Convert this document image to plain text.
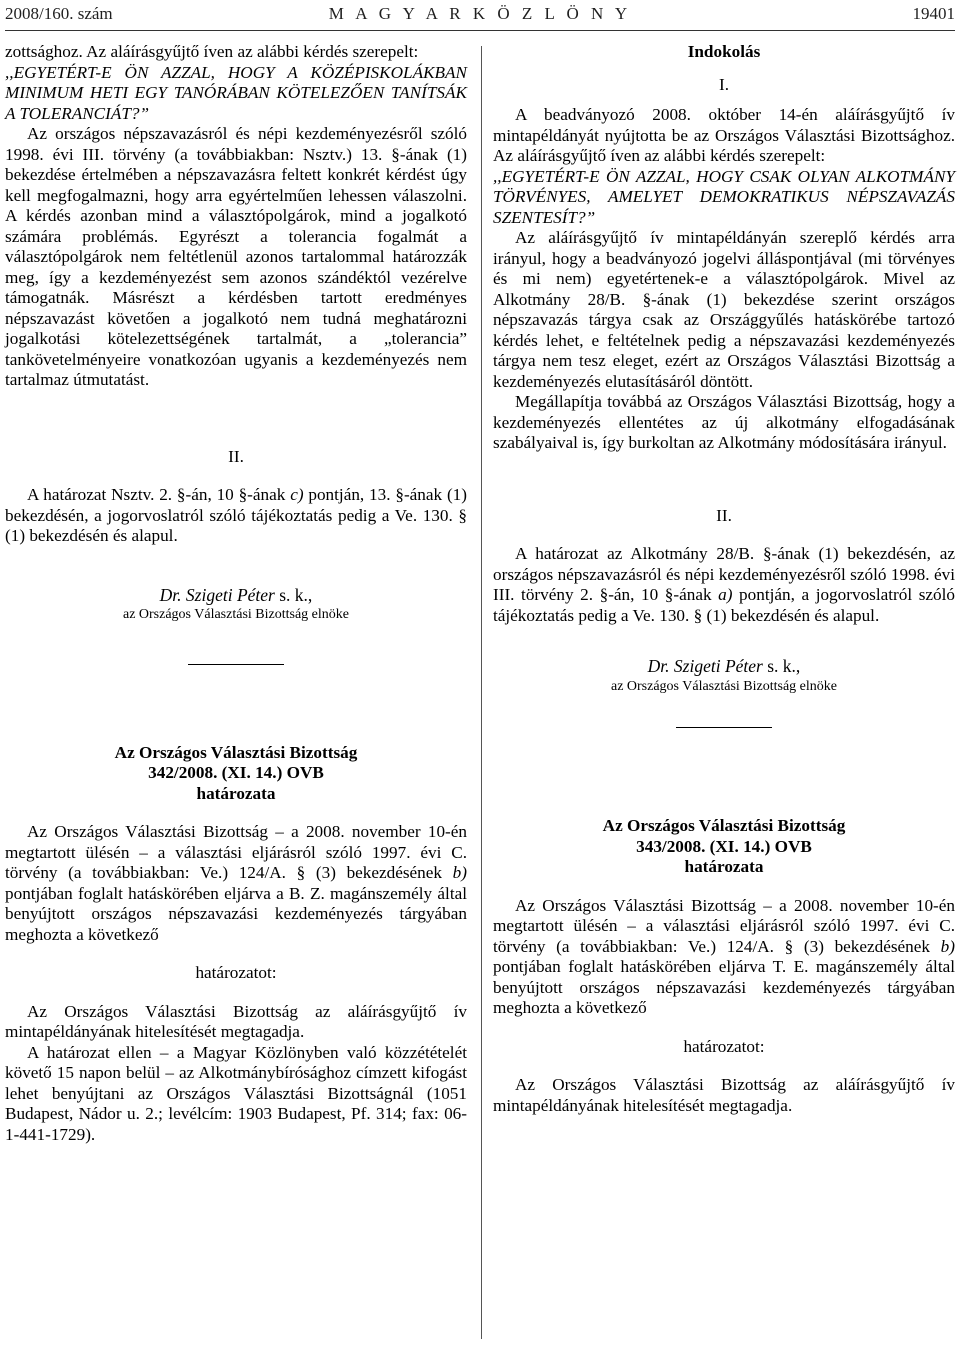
2008/160. szám	M A G Y A R K Ö Z L Ö N Y	19401

zottsághoz. Az aláírásgyűjtő íven az alábbi kérdés szerepelt:

,,EGYETÉRT-E ÖN AZZAL, HOGY A KÖZÉPISKOLÁKBAN MINIMUM HETI EGY TANÓRÁBAN KÖTELEZŐEN TANÍTSÁK A TOLERANCIÁT?”

Az országos népszavazásról és népi kezdeményezésről szóló 1998. évi III. törvény (a továbbiakban: Nsztv.) 13. §-ának (1) bekezdése értelmében a népszavazásra feltett konkrét kérdést úgy kell megfogalmazni, hogy arra egyértelműen lehessen válaszolni. A kérdés azonban mind a választópolgárok, mind a jogalkotó számára problémás. Egyrészt a tolerancia fogalmát a választópolgárok nem feltétlenül azonos tartalommal határozzák meg, így a kezdeményezést sem azonos szándéktól vezérelve támogatnák. Másrészt a kérdésben tartott eredményes népszavazást követően a jogalkotó nem tudná meghatározni jogalkotási kötelezettségének tartalmát, a „tolerancia” tankövetelményeire vonatkozóan ugyanis a kezdeményezés nem tartalmaz útmutatást.

II.

A határozat Nsztv. 2. §-án, 10 §-ának c) pontján, 13. §-ának (1) bekezdésén, a jogorvoslatról szóló tájékoztatás pedig a Ve. 130. § (1) bekezdésén és alapul.

Dr. Szigeti Péter s. k.,

az Országos Választási Bizottság elnöke

Az Országos Választási Bizottság

342/2008. (XI. 14.) OVB

határozata

Az Országos Választási Bizottság – a 2008. november 10-én megtartott ülésén – a választási eljárásról szóló 1997. évi C. törvény (a továbbiakban: Ve.) 124/A. § (3) bekezdésének b) pontjában foglalt hatáskörében eljárva a B. Z. magánszemély által benyújtott országos népszavazási kezdeményezés tárgyában meghozta a következő

határozatot:

Az Országos Választási Bizottság az aláírásgyűjtő ív mintapéldányának hitelesítését megtagadja.

A határozat ellen – a Magyar Közlönyben való közzétételét követő 15 napon belül – az Alkotmánybírósághoz címzett kifogást lehet benyújtani az Országos Választási Bizottságnál (1051 Budapest, Nádor u. 2.; levélcím: 1903 Budapest, Pf. 314; fax: 06-1-441-1729).

Indokolás

I.

A beadványozó 2008. október 14-én aláírásgyűjtő ív mintapéldányát nyújtotta be az Országos Választási Bizottsághoz. Az aláírásgyűjtő íven az alábbi kérdés szerepelt:

,,EGYETÉRT-E ÖN AZZAL, HOGY CSAK OLYAN ALKOTMÁNY TÖRVÉNYES, AMELYET DEMOKRATIKUS NÉPSZAVAZÁS SZENTESÍT?”

Az aláírásgyűjtő ív mintapéldányán szereplő kérdés arra irányul, hogy a beadványozó jogelvi álláspontjával (mi törvényes és mi nem) egyetértenek-e a választópolgárok. Mivel az Alkotmány 28/B. §-ának (1) bekezdése szerint országos népszavazás tárgya csak az Országgyűlés hatáskörébe tartozó kérdés lehet, e feltételnek pedig a népszavazási kezdeményezés tárgya nem tesz eleget, ezért az Országos Választási Bizottság a kezdeményezés elutasításáról döntött.

Megállapítja továbbá az Országos Választási Bizottság, hogy a kezdeményezés ellentétes az új alkotmány elfogadásának szabályaival is, így burkoltan az Alkotmány módosítására irányul.

II.

A határozat az Alkotmány 28/B. §-ának (1) bekezdésén, az országos népszavazásról és népi kezdeményezésről szóló 1998. évi III. törvény 2. §-án, 10 §-ának a) pontján, a jogorvoslatról szóló tájékoztatás pedig a Ve. 130. § (1) bekezdésén és alapul.

Dr. Szigeti Péter s. k.,

az Országos Választási Bizottság elnöke

Az Országos Választási Bizottság

343/2008. (XI. 14.) OVB

határozata

Az Országos Választási Bizottság – a 2008. november 10-én megtartott ülésén – a választási eljárásról szóló 1997. évi C. törvény (a továbbiakban: Ve.) 124/A. § (3) bekezdésének b) pontjában foglalt hatáskörében eljárva T. E. magánszemély által benyújtott országos népszavazási kezdeményezés tárgyában meghozta a következő

határozatot:

Az Országos Választási Bizottság az aláírásgyűjtő ív mintapéldányának hitelesítését megtagadja.
